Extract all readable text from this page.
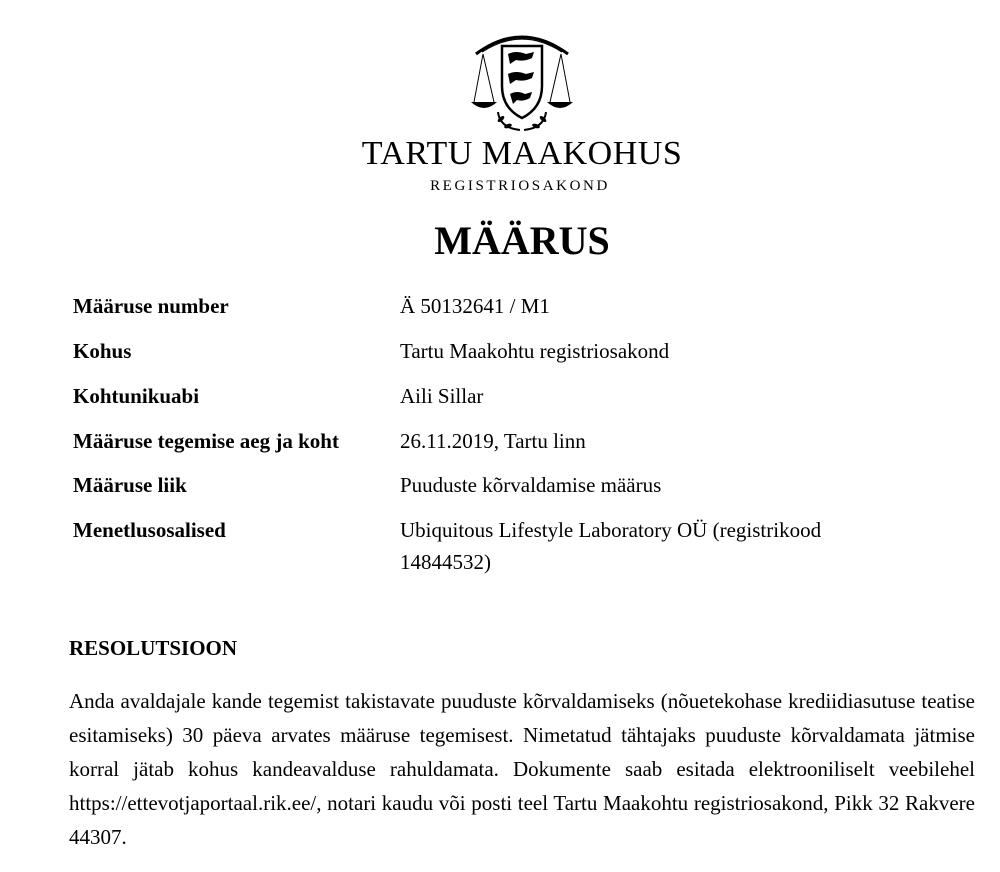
TARTU MAAKOHUS
REGISTRIOSAKOND
MÄÄRUS
Määruse number	Ä 50132641 / M1
Kohus	Tartu Maakohtu registriosakond
Kohtunikuabi	Aili Sillar
Määruse tegemise aeg ja koht	26.11.2019, Tartu linn
Määruse liik	Puuduste kõrvaldamise määrus
Menetlusosalised	Ubiquitous Lifestyle Laboratory OÜ (registrikood 14844532)
RESOLUTSIOON
Anda avaldajale kande tegemist takistavate puuduste kõrvaldamiseks (nõuetekohase krediidiasutuse teatise esitamiseks) 30 päeva arvates määruse tegemisest. Nimetatud tähtajaks puuduste kõrvaldamata jätmise korral jätab kohus kandeavalduse rahuldamata. Dokumente saab esitada elektrooniliselt veebilehel https://ettevotjaportaal.rik.ee/, notari kaudu või posti teel Tartu Maakohtu registriosakond, Pikk 32 Rakvere 44307.
